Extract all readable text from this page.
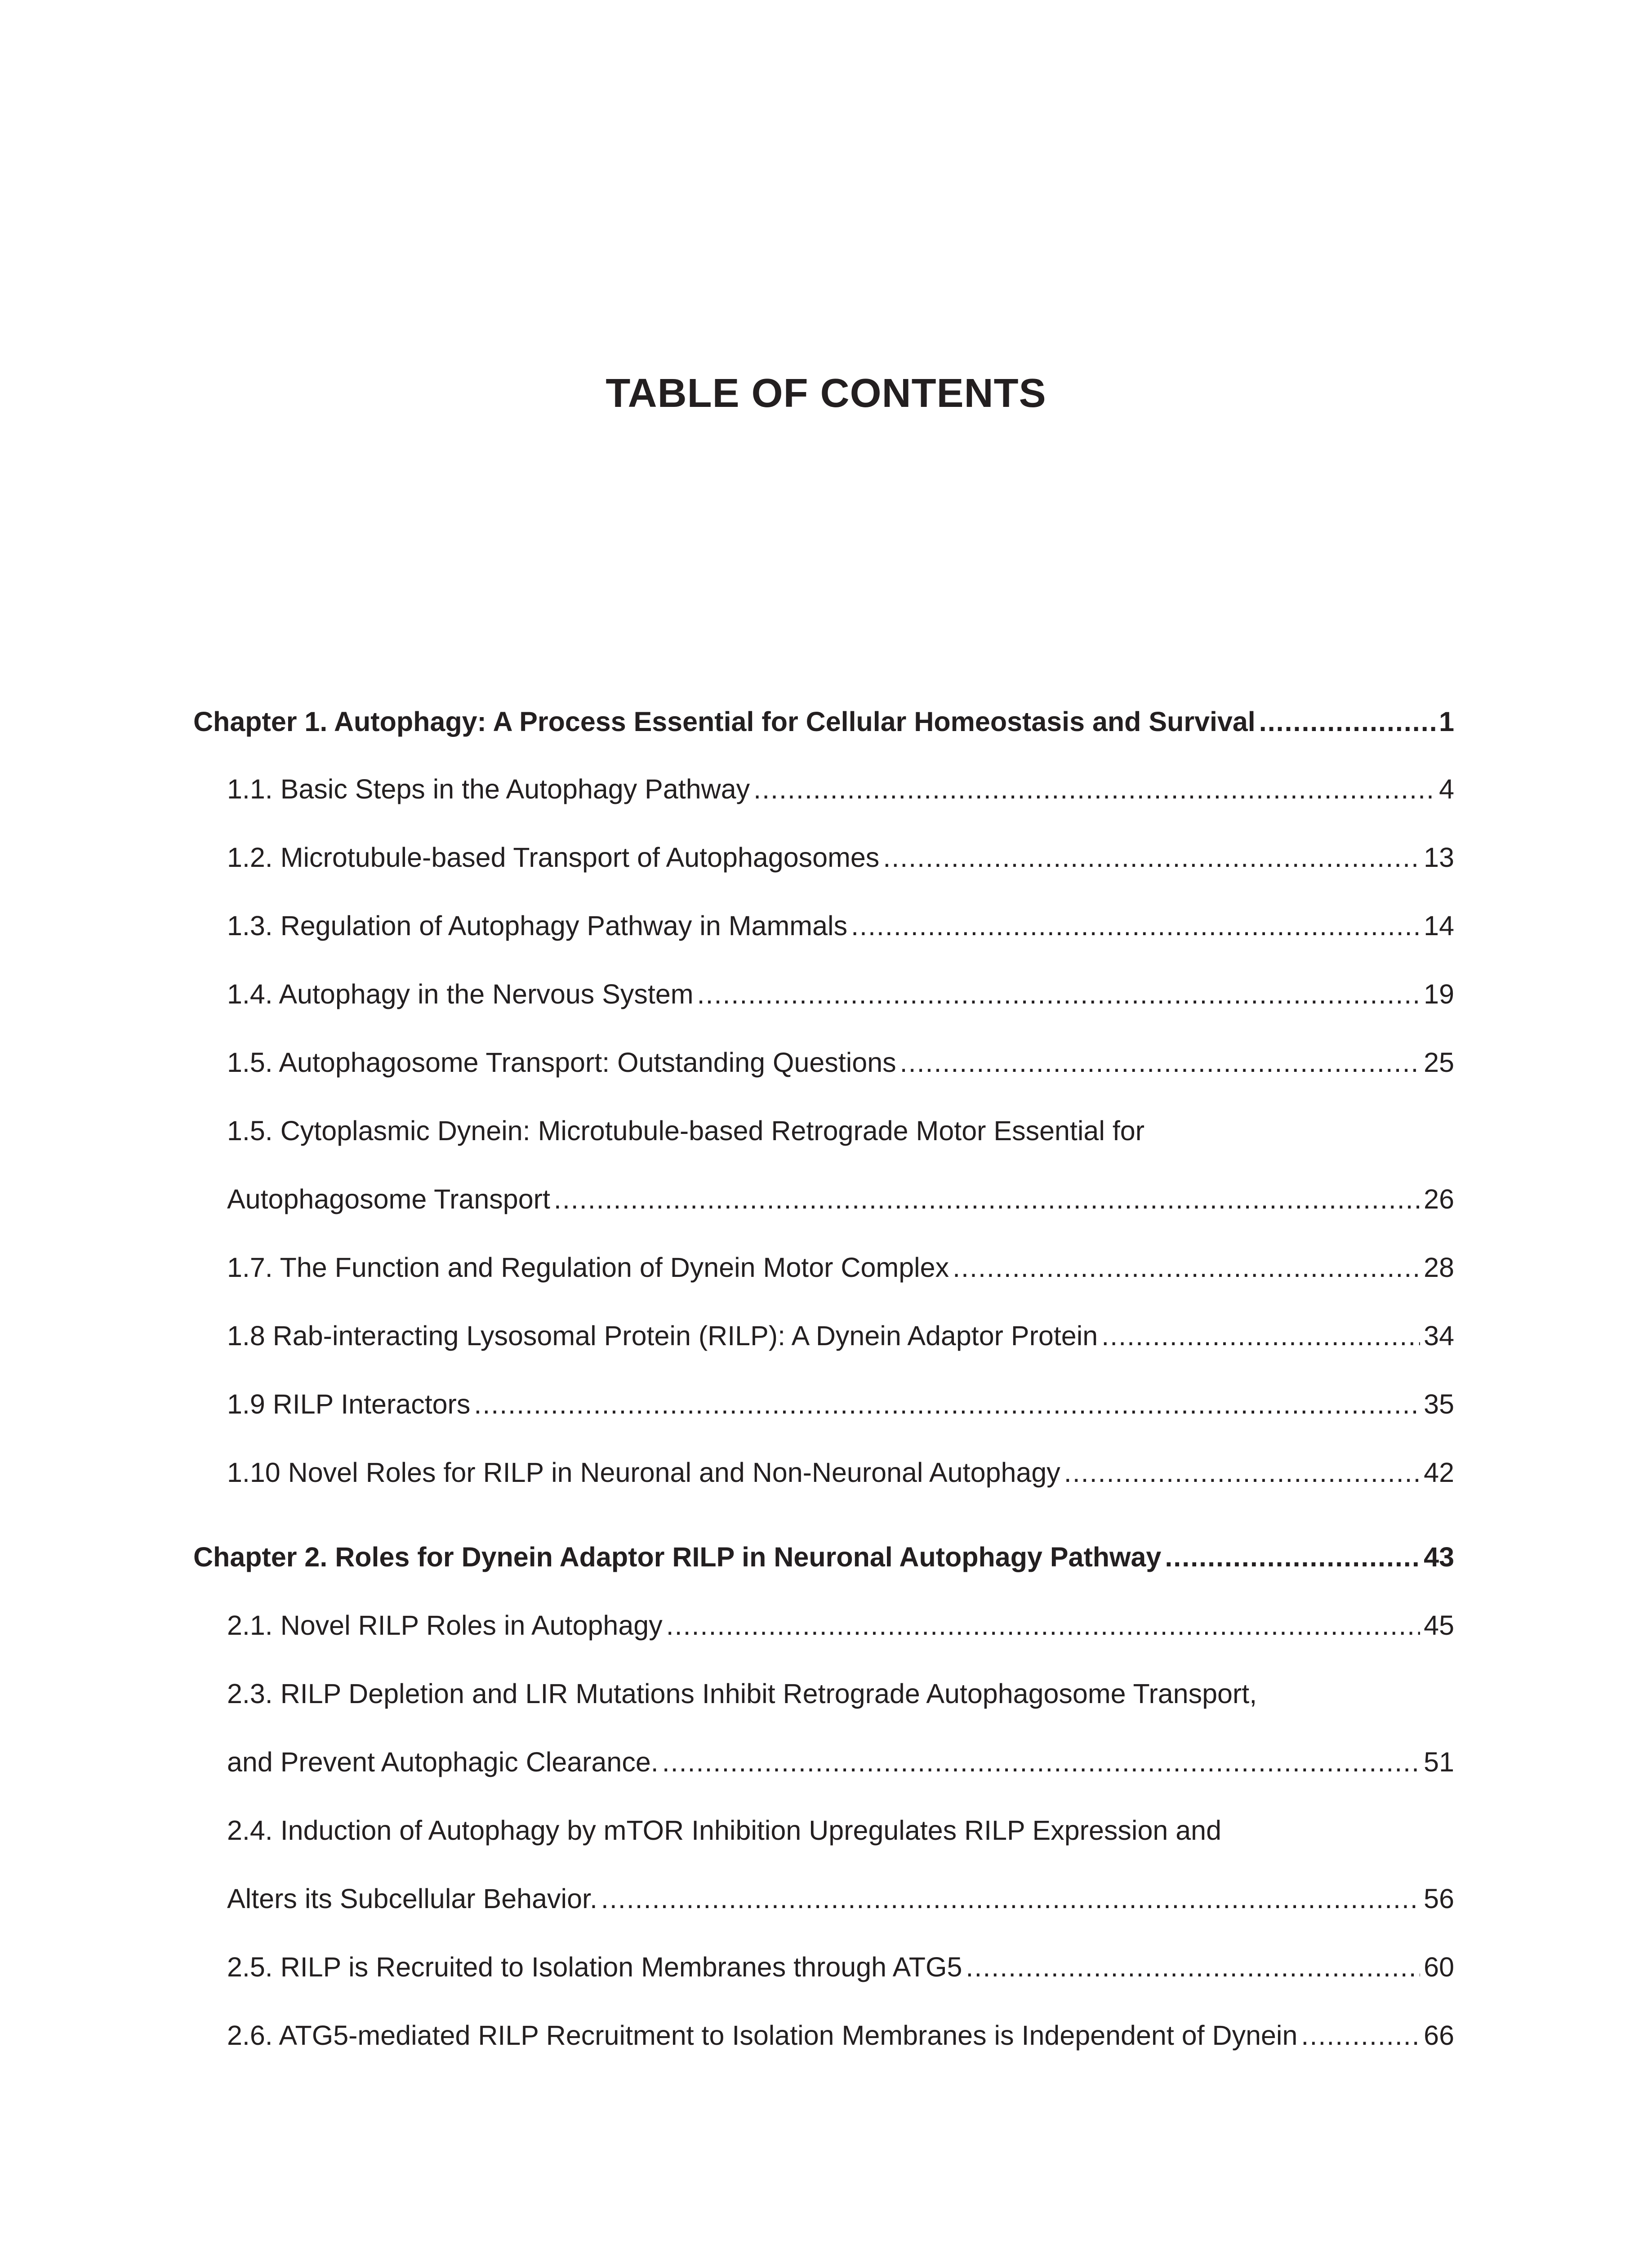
TABLE OF CONTENTS
Chapter 1. Autophagy: A Process Essential for Cellular Homeostasis and Survival .....	1
1.1. Basic Steps in the Autophagy Pathway .....	4
1.2. Microtubule-based Transport of Autophagosomes .....	13
1.3. Regulation of Autophagy Pathway in Mammals .....	14
1.4. Autophagy in the Nervous System .....	19
1.5. Autophagosome Transport: Outstanding Questions .....	25
1.5. Cytoplasmic Dynein: Microtubule-based Retrograde Motor Essential for
Autophagosome Transport .....	26
1.7. The Function and Regulation of Dynein Motor Complex .....	28
1.8 Rab-interacting Lysosomal Protein (RILP): A Dynein Adaptor Protein .....	34
1.9 RILP Interactors .....	35
1.10 Novel Roles for RILP in Neuronal and Non-Neuronal Autophagy .....	42
Chapter 2. Roles for Dynein Adaptor RILP in Neuronal Autophagy Pathway .....	43
2.1. Novel RILP Roles in Autophagy .....	45
2.3. RILP Depletion and LIR Mutations Inhibit Retrograde Autophagosome Transport,
and Prevent Autophagic Clearance. .....	51
2.4. Induction of Autophagy by mTOR Inhibition Upregulates RILP Expression and
Alters its Subcellular Behavior. .....	56
2.5. RILP is Recruited to Isolation Membranes through ATG5 .....	60
2.6. ATG5-mediated RILP Recruitment to Isolation Membranes is Independent of Dynein .....	66
